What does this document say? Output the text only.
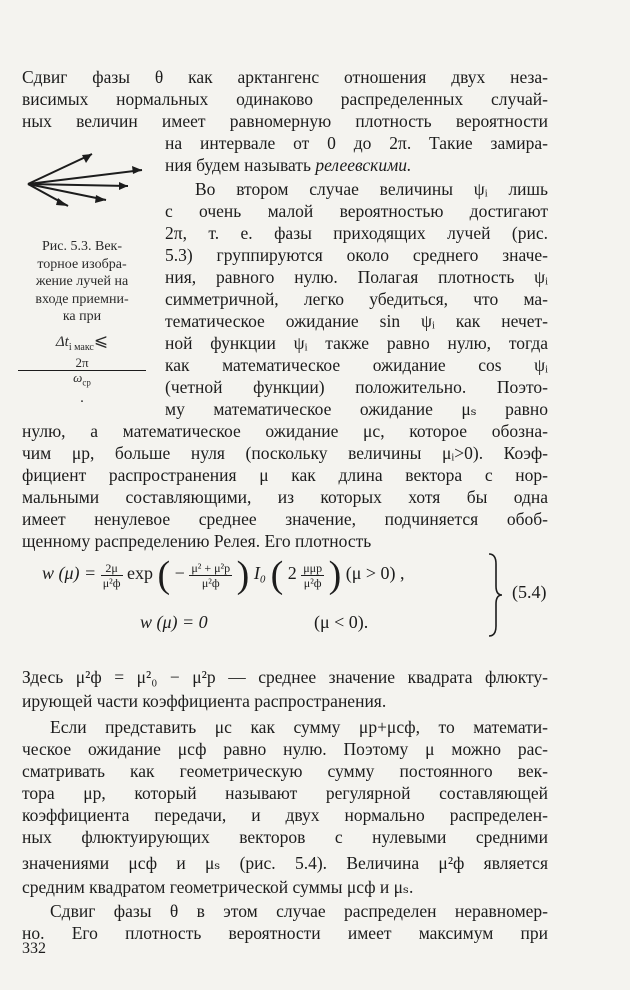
Сдвиг фазы θ как арктангенс отношения двух неза-
висимых нормальных одинаково распределенных случай-
ных величин имеет равномерную плотность вероятности
на интервале от 0 до 2π. Такие замира-
ния будем называть релеевскими.
Рис. 5.3. Век-
торное изобра-
жение лучей на
входе приемни-
ка при
$\Delta t_{i макс}⩽$
2π
$\omega_{ср}$
.
Во втором случае величины ψᵢ лишь
с очень малой вероятностью достигают
2π, т. е. фазы приходящих лучей (рис.
5.3) группируются около среднего значе-
ния, равного нулю. Полагая плотность ψᵢ
симметричной, легко убедиться, что ма-
тематическое ожидание sin ψᵢ как нечет-
ной функции ψᵢ также равно нулю, тогда
как математическое ожидание cos ψᵢ
(четной функции) положительно. Поэто-
му математическое ожидание μₛ равно
нулю, а математическое ожидание μc, которое обозна-
чим μр, больше нуля (поскольку величины μᵢ>0). Коэф-
фициент распространения μ как длина вектора с нор-
мальными составляющими, из которых хотя бы одна
имеет ненулевое среднее значение, подчиняется обоб-
щенному распределению Релея. Его плотность
w $(\mu) = \frac{2\mu}{\text{μ²ф}}$ exp ( − $\frac{\text{μ² + μ²р}}{\text{μ²ф}}$ ) I₀ ( $2 \frac{\text{μμр}}{\text{μ²ф}}$ ) (μ > 0) ,
w (μ) = 0	(μ < 0).
(5.4)
Здесь μ²ф = μ²₀ − μ²р — среднее значение квадрата флюкту-
ирующей части коэффициента распространения.
Если представить μc как сумму μр+μсф, то математи-
ческое ожидание μсф равно нулю. Поэтому μ можно рас-
сматривать как геометрическую сумму постоянного век-
тора μр, который называют регулярной составляющей
коэффициента передачи, и двух нормально распределен-
ных флюктуирующих векторов с нулевыми средними
значениями μсф и μₛ (рис. 5.4). Величина μ²ф является
средним квадратом геометрической суммы μсф и μₛ.
Сдвиг фазы θ в этом случае распределен неравномер-
но. Его плотность вероятности имеет максимум при
332
